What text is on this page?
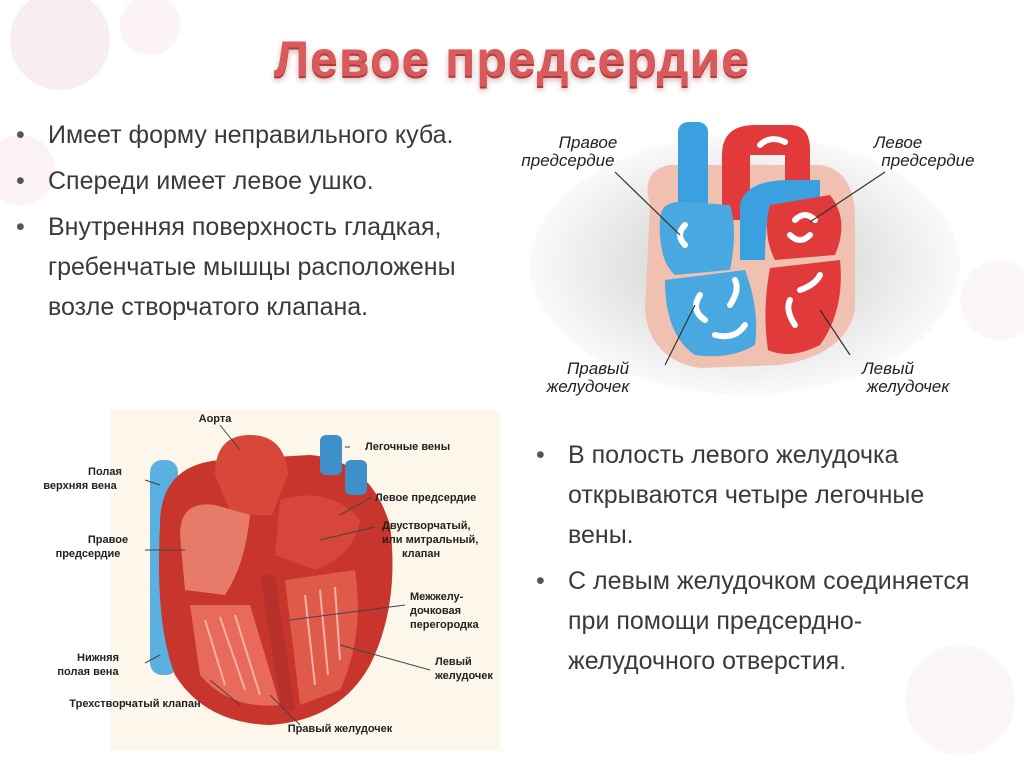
Левое предсердие
• Имеет форму неправильного куба.
• Спереди имеет левое ушко.
• Внутренняя поверхность гладкая, гребенчатые мышцы расположены возле створчатого клапана.
• В полость левого желудочка открываются четыре легочные вены.
• С левым желудочком соединяется при помощи предсердно-желудочного отверстия.
Правое
предсердие
Левое
предсердие
Правый
желудочек
Левый
желудочек
Аорта
Полая
верхняя вена
Легочные вены
Правое
предсердие
Левое предсердие
Двустворчатый,
или митральный,
клапан
Межжелу-
дочковая
перегородка
Нижняя
полая вена
Левый
желудочек
Трехстворчатый клапан
Правый желудочек
